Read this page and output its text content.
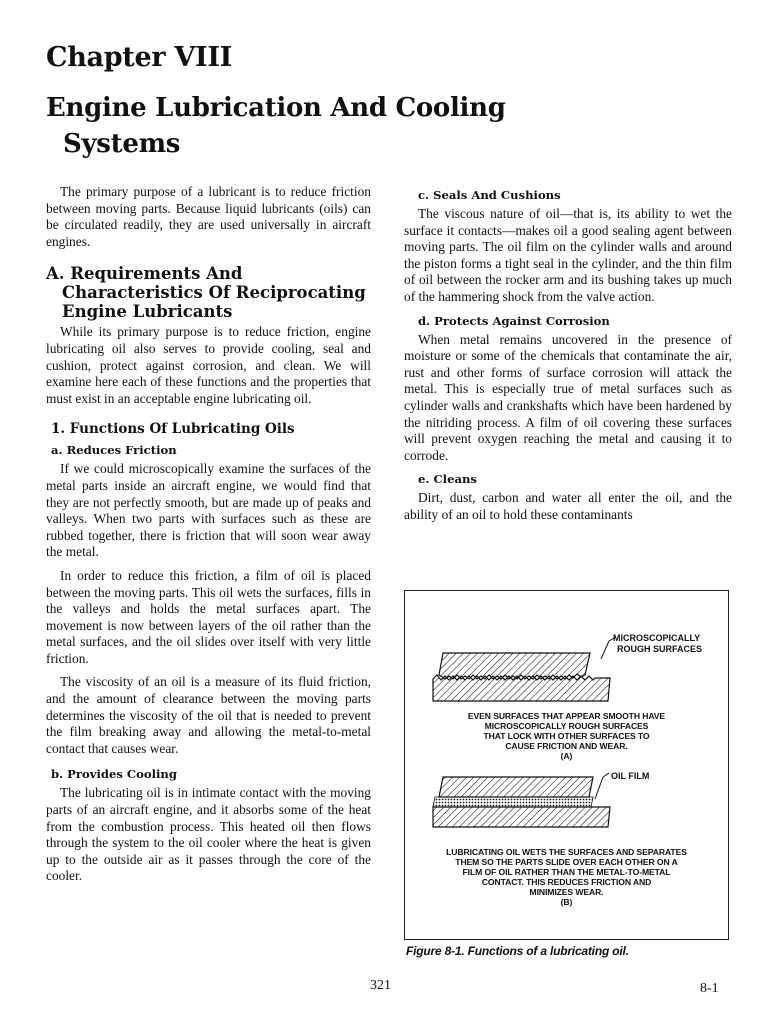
Chapter VIII
Engine Lubrication And Cooling
Systems

The primary purpose of a lubricant is to reduce friction between moving parts. Because liquid lubricants (oils) can be circulated readily, they are used universally in aircraft engines.

A. Requirements And Characteristics Of Reciprocating Engine Lubricants

While its primary purpose is to reduce friction, engine lubricating oil also serves to provide cooling, seal and cushion, protect against corrosion, and clean. We will examine here each of these functions and the properties that must exist in an acceptable engine lubricating oil.

1. Functions Of Lubricating Oils
a. Reduces Friction

If we could microscopically examine the surfaces of the metal parts inside an aircraft engine, we would find that they are not perfectly smooth, but are made up of peaks and valleys. When two parts with surfaces such as these are rubbed together, there is friction that will soon wear away the metal.

In order to reduce this friction, a film of oil is placed between the moving parts. This oil wets the surfaces, fills in the valleys and holds the metal surfaces apart. The movement is now between layers of the oil rather than the metal surfaces, and the oil slides over itself with very little friction.

The viscosity of an oil is a measure of its fluid friction, and the amount of clearance between the moving parts determines the viscosity of the oil that is needed to prevent the film breaking away and allowing the metal-to-metal contact that causes wear.

b. Provides Cooling

The lubricating oil is in intimate contact with the moving parts of an aircraft engine, and it absorbs some of the heat from the combustion process. This heated oil then flows through the system to the oil cooler where the heat is given up to the outside air as it passes through the core of the cooler.

c. Seals And Cushions

The viscous nature of oil—that is, its ability to wet the surface it contacts—makes oil a good sealing agent between moving parts. The oil film on the cylinder walls and around the piston forms a tight seal in the cylinder, and the thin film of oil between the rocker arm and its bushing takes up much of the hammering shock from the valve action.

d. Protects Against Corrosion

When metal remains uncovered in the presence of moisture or some of the chemicals that contaminate the air, rust and other forms of surface corrosion will attack the metal. This is especially true of metal surfaces such as cylinder walls and crankshafts which have been hardened by the nitriding process. A film of oil covering these surfaces will prevent oxygen reaching the metal and causing it to corrode.

e. Cleans

Dirt, dust, carbon and water all enter the oil, and the ability of an oil to hold these contaminants

MICROSCOPICALLY
ROUGH SURFACES
EVEN SURFACES THAT APPEAR SMOOTH HAVE
MICROSCOPICALLY ROUGH SURFACES
THAT LOCK WITH OTHER SURFACES TO
CAUSE FRICTION AND WEAR.
(A)
OIL FILM
LUBRICATING OIL WETS THE SURFACES AND SEPARATES
THEM SO THE PARTS SLIDE OVER EACH OTHER ON A
FILM OF OIL RATHER THAN THE METAL-TO-METAL
CONTACT. THIS REDUCES FRICTION AND
MINIMIZES WEAR.
(B)

Figure 8-1. Functions of a lubricating oil.

321	8-1
